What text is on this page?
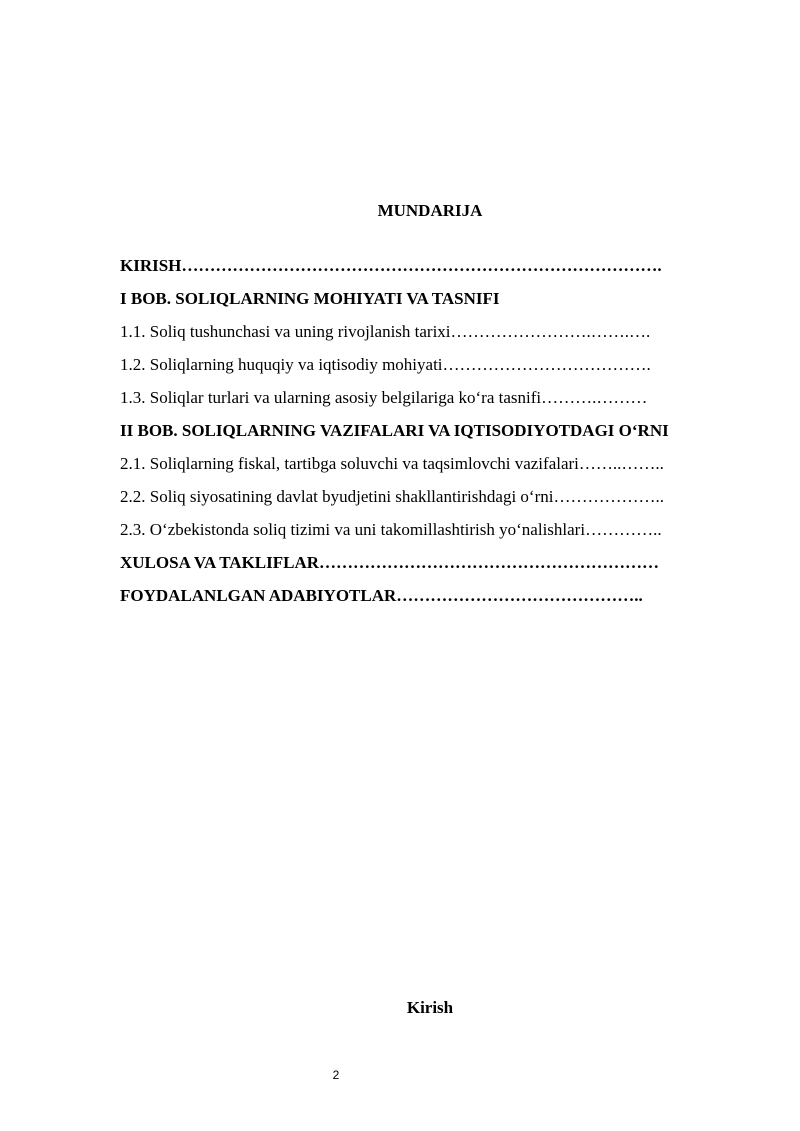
MUNDARIJA
KIRISH………………………………………………………………………….
I BOB. SOLIQLARNING MOHIYATI VA TASNIFI
1.1. Soliq tushunchasi va uning rivojlanish tarixi…………………….…….….
1.2. Soliqlarning huquqiy va iqtisodiy mohiyati……………………………….
1.3. Soliqlar turlari va ularning asosiy belgilariga ko‘ra tasnifi……….………
II BOB. SOLIQLARNING VAZIFALARI VA IQTISODIYOTDAGI O‘RNI
2.1. Soliqlarning fiskal, tartibga soluvchi va taqsimlovchi vazifalari……..……..
2.2. Soliq siyosatining davlat byudjetini shakllantirishdagi o‘rni………………..
2.3. O‘zbekistonda soliq tizimi va uni takomillashtirish yo‘nalishlari…………..
XULOSA VA TAKLIFLAR……………………………………………………
FOYDALANLGAN ADABIYOTLAR……………………………………..
Kirish
2
